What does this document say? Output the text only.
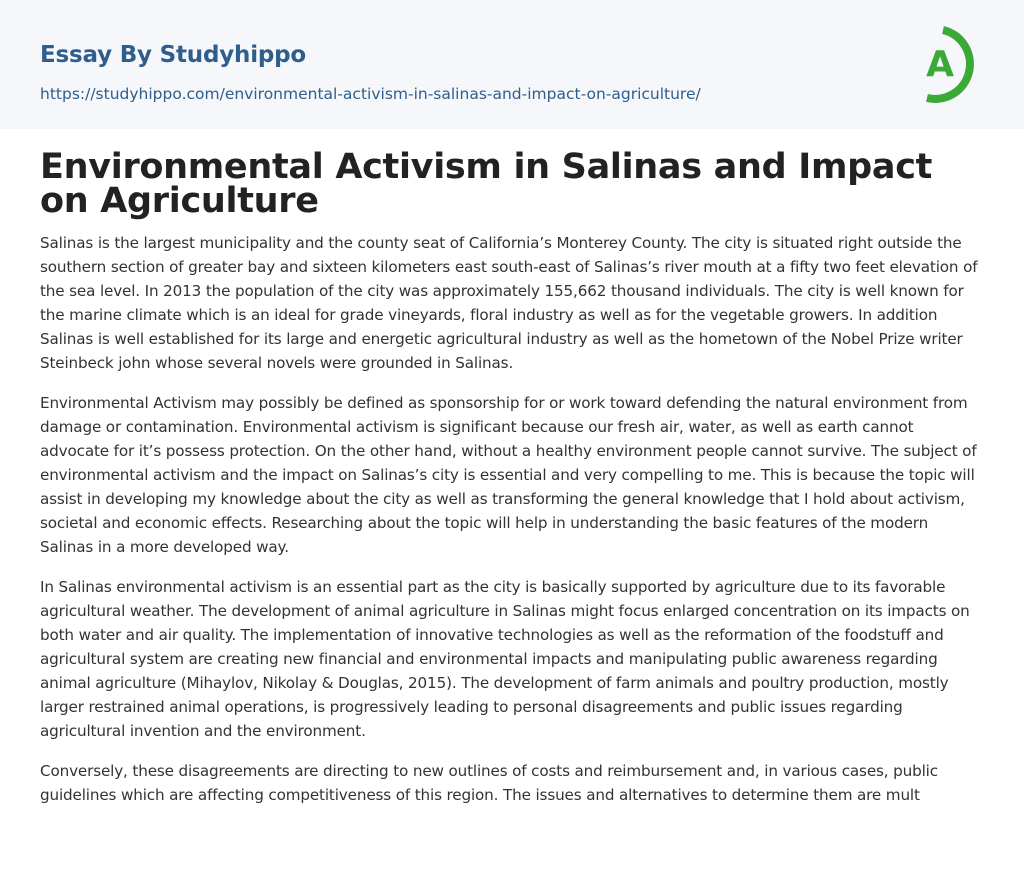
Essay By Studyhippo
https://studyhippo.com/environmental-activism-in-salinas-and-impact-on-agriculture/
A
Environmental Activism in Salinas and Impact on Agriculture

Salinas is the largest municipality and the county seat of California’s Monterey County. The city is situated right outside the southern section of greater bay and sixteen kilometers east south-east of Salinas’s river mouth at a fifty two feet elevation of the sea level. In 2013 the population of the city was approximately 155,662 thousand individuals. The city is well known for the marine climate which is an ideal for grade vineyards, floral industry as well as for the vegetable growers. In addition Salinas is well established for its large and energetic agricultural industry as well as the hometown of the Nobel Prize writer Steinbeck john whose several novels were grounded in Salinas.

Environmental Activism may possibly be defined as sponsorship for or work toward defending the natural environment from damage or contamination. Environmental activism is significant because our fresh air, water, as well as earth cannot advocate for it’s possess protection. On the other hand, without a healthy environment people cannot survive. The subject of environmental activism and the impact on Salinas’s city is essential and very compelling to me. This is because the topic will assist in developing my knowledge about the city as well as transforming the general knowledge that I hold about activism, societal and economic effects. Researching about the topic will help in understanding the basic features of the modern Salinas in a more developed way.

In Salinas environmental activism is an essential part as the city is basically supported by agriculture due to its favorable agricultural weather. The development of animal agriculture in Salinas might focus enlarged concentration on its impacts on both water and air quality. The implementation of innovative technologies as well as the reformation of the foodstuff and agricultural system are creating new financial and environmental impacts and manipulating public awareness regarding animal agriculture (Mihaylov, Nikolay & Douglas, 2015). The development of farm animals and poultry production, mostly larger restrained animal operations, is progressively leading to personal disagreements and public issues regarding agricultural invention and the environment.

Conversely, these disagreements are directing to new outlines of costs and reimbursement and, in various cases, public guidelines which are affecting competitiveness of this region. The issues and alternatives to determine them are mult
